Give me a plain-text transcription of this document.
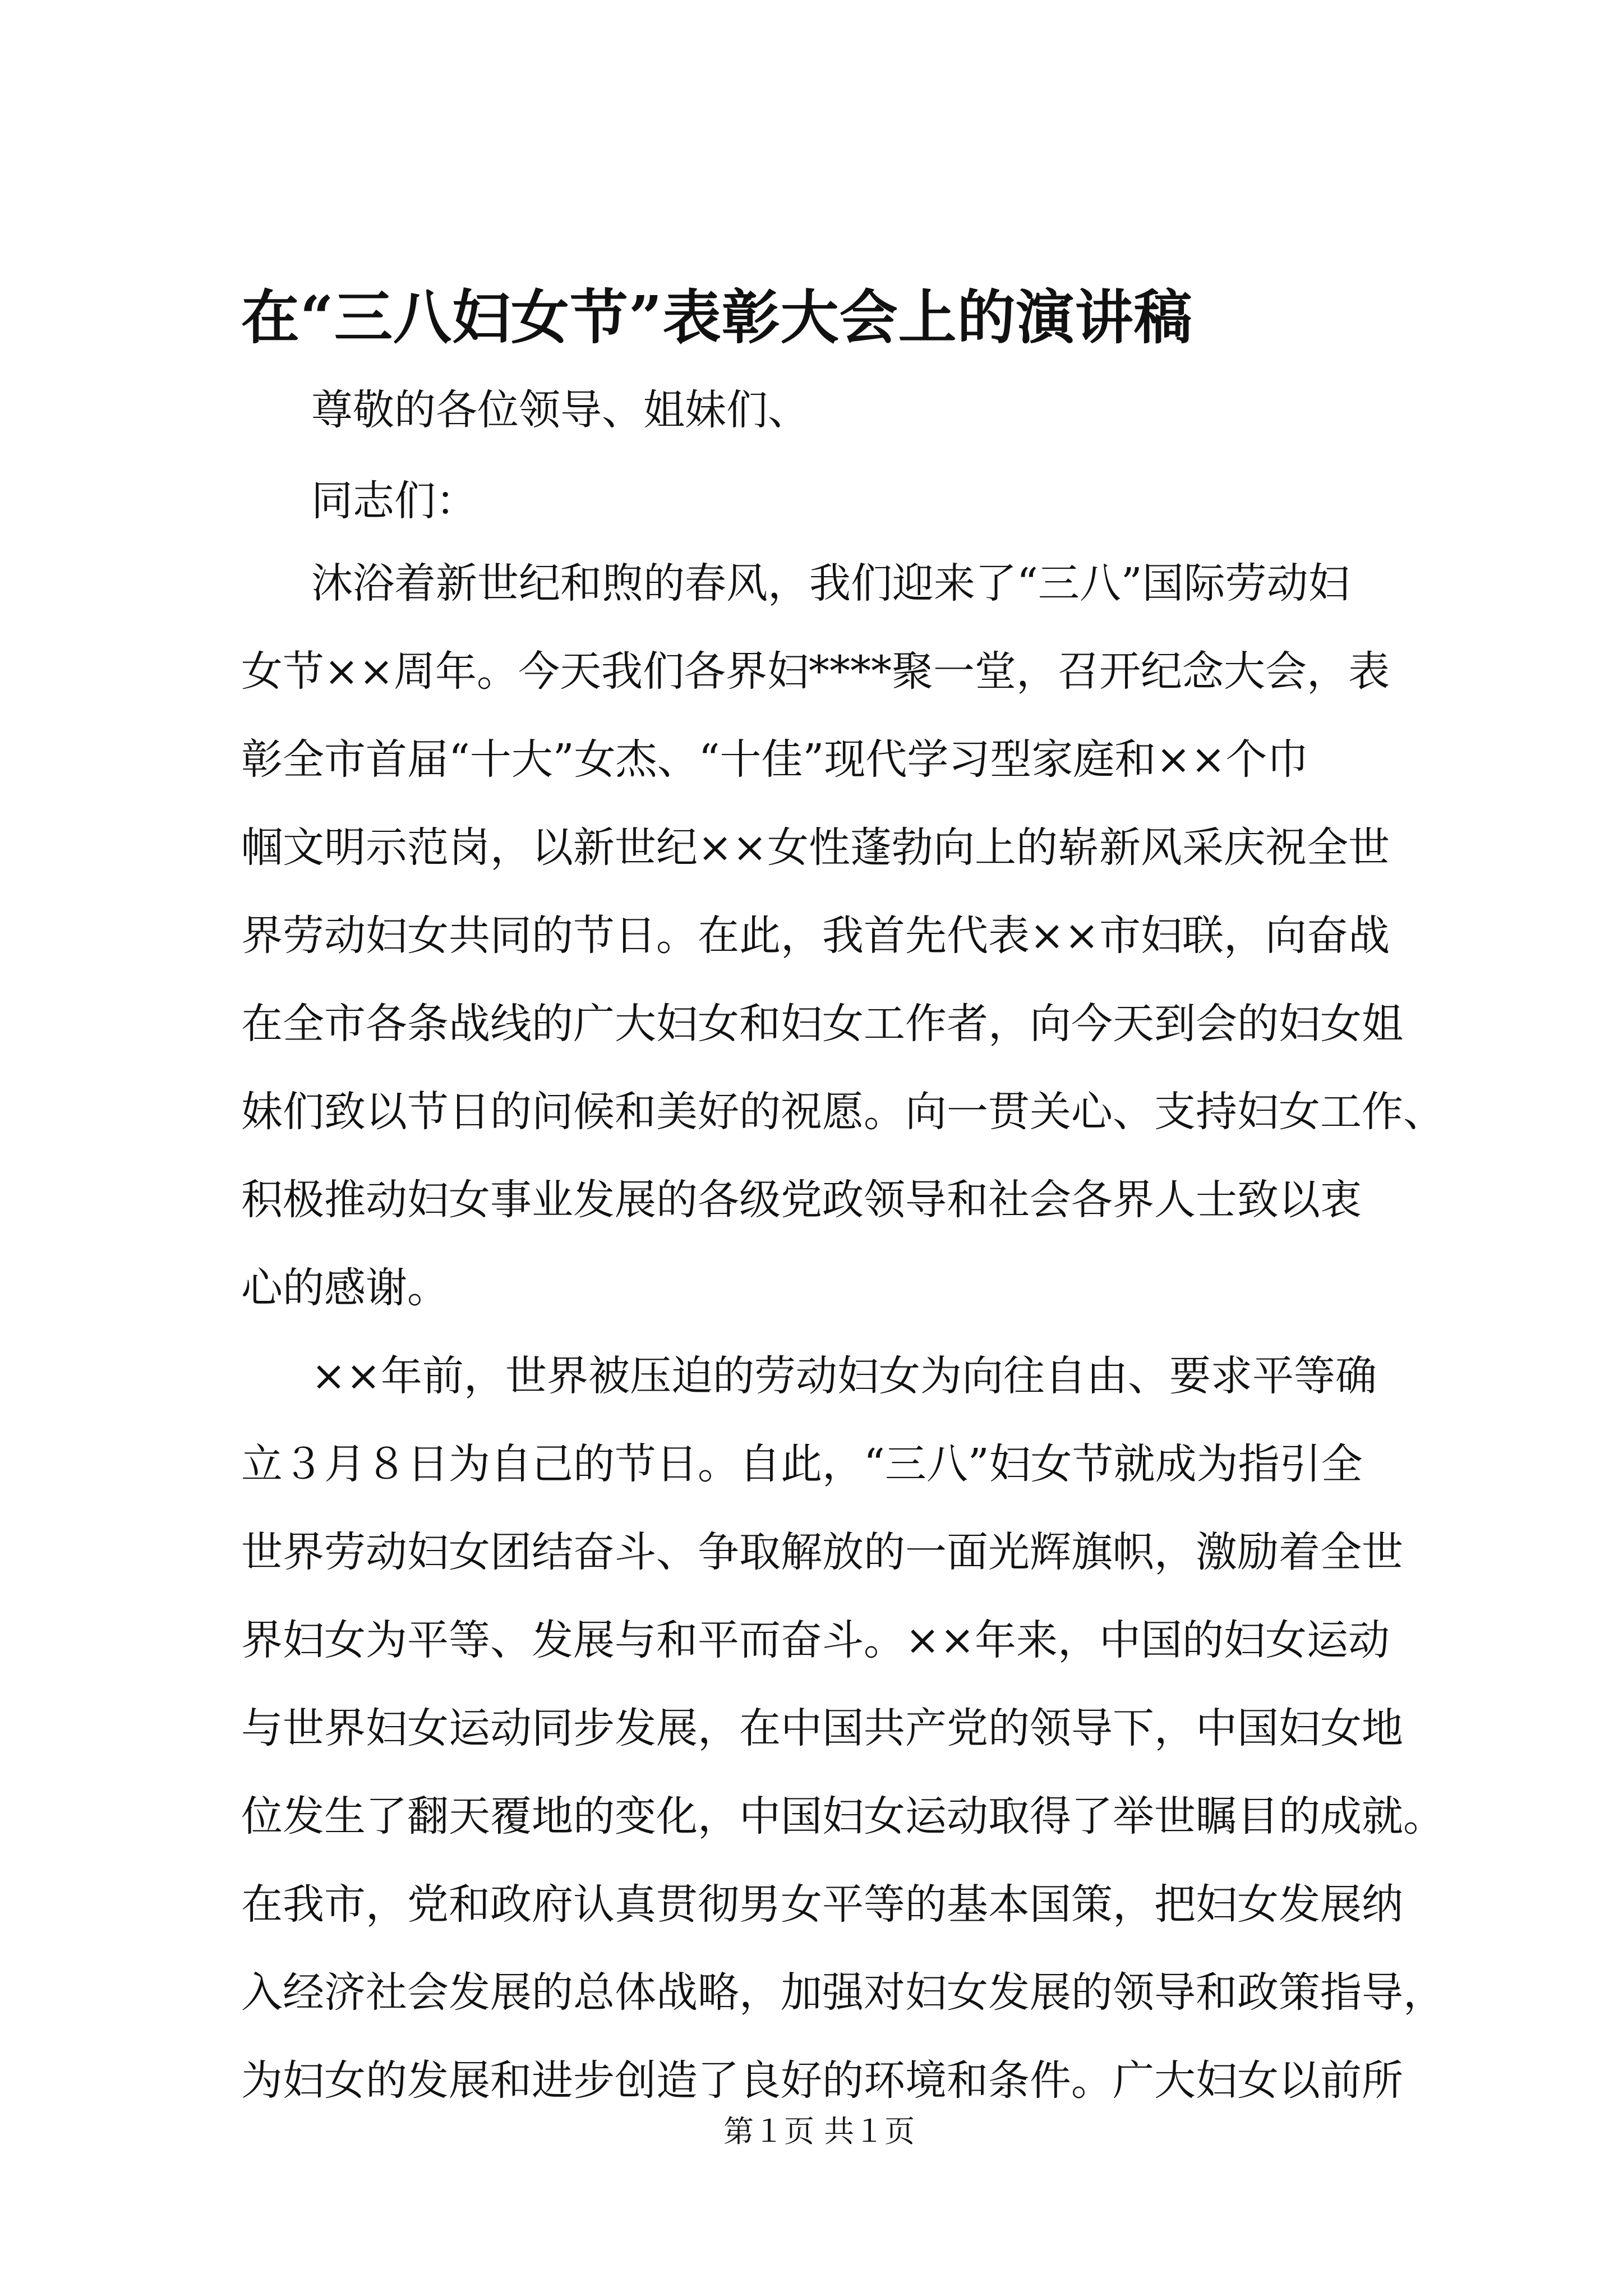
在“三八妇女节”表彰大会上的演讲稿

尊敬的各位领导、姐妹们、

同志们：

沐浴着新世纪和煦的春风，我们迎来了“三八”国际劳动妇

女节××周年。今天我们各界妇****聚一堂，召开纪念大会，表

彰全市首届“十大”女杰、“十佳”现代学习型家庭和××个巾

帼文明示范岗，以新世纪××女性蓬勃向上的崭新风采庆祝全世

界劳动妇女共同的节日。在此，我首先代表××市妇联，向奋战

在全市各条战线的广大妇女和妇女工作者，向今天到会的妇女姐

妹们致以节日的问候和美好的祝愿。向一贯关心、支持妇女工作、

积极推动妇女事业发展的各级党政领导和社会各界人士致以衷

心的感谢。

××年前，世界被压迫的劳动妇女为向往自由、要求平等确

立３月８日为自己的节日。自此，“三八”妇女节就成为指引全

世界劳动妇女团结奋斗、争取解放的一面光辉旗帜，激励着全世

界妇女为平等、发展与和平而奋斗。××年来，中国的妇女运动

与世界妇女运动同步发展，在中国共产党的领导下，中国妇女地

位发生了翻天覆地的变化，中国妇女运动取得了举世瞩目的成就。

在我市，党和政府认真贯彻男女平等的基本国策，把妇女发展纳

入经济社会发展的总体战略，加强对妇女发展的领导和政策指导，

为妇女的发展和进步创造了良好的环境和条件。广大妇女以前所

第１页 共１页
